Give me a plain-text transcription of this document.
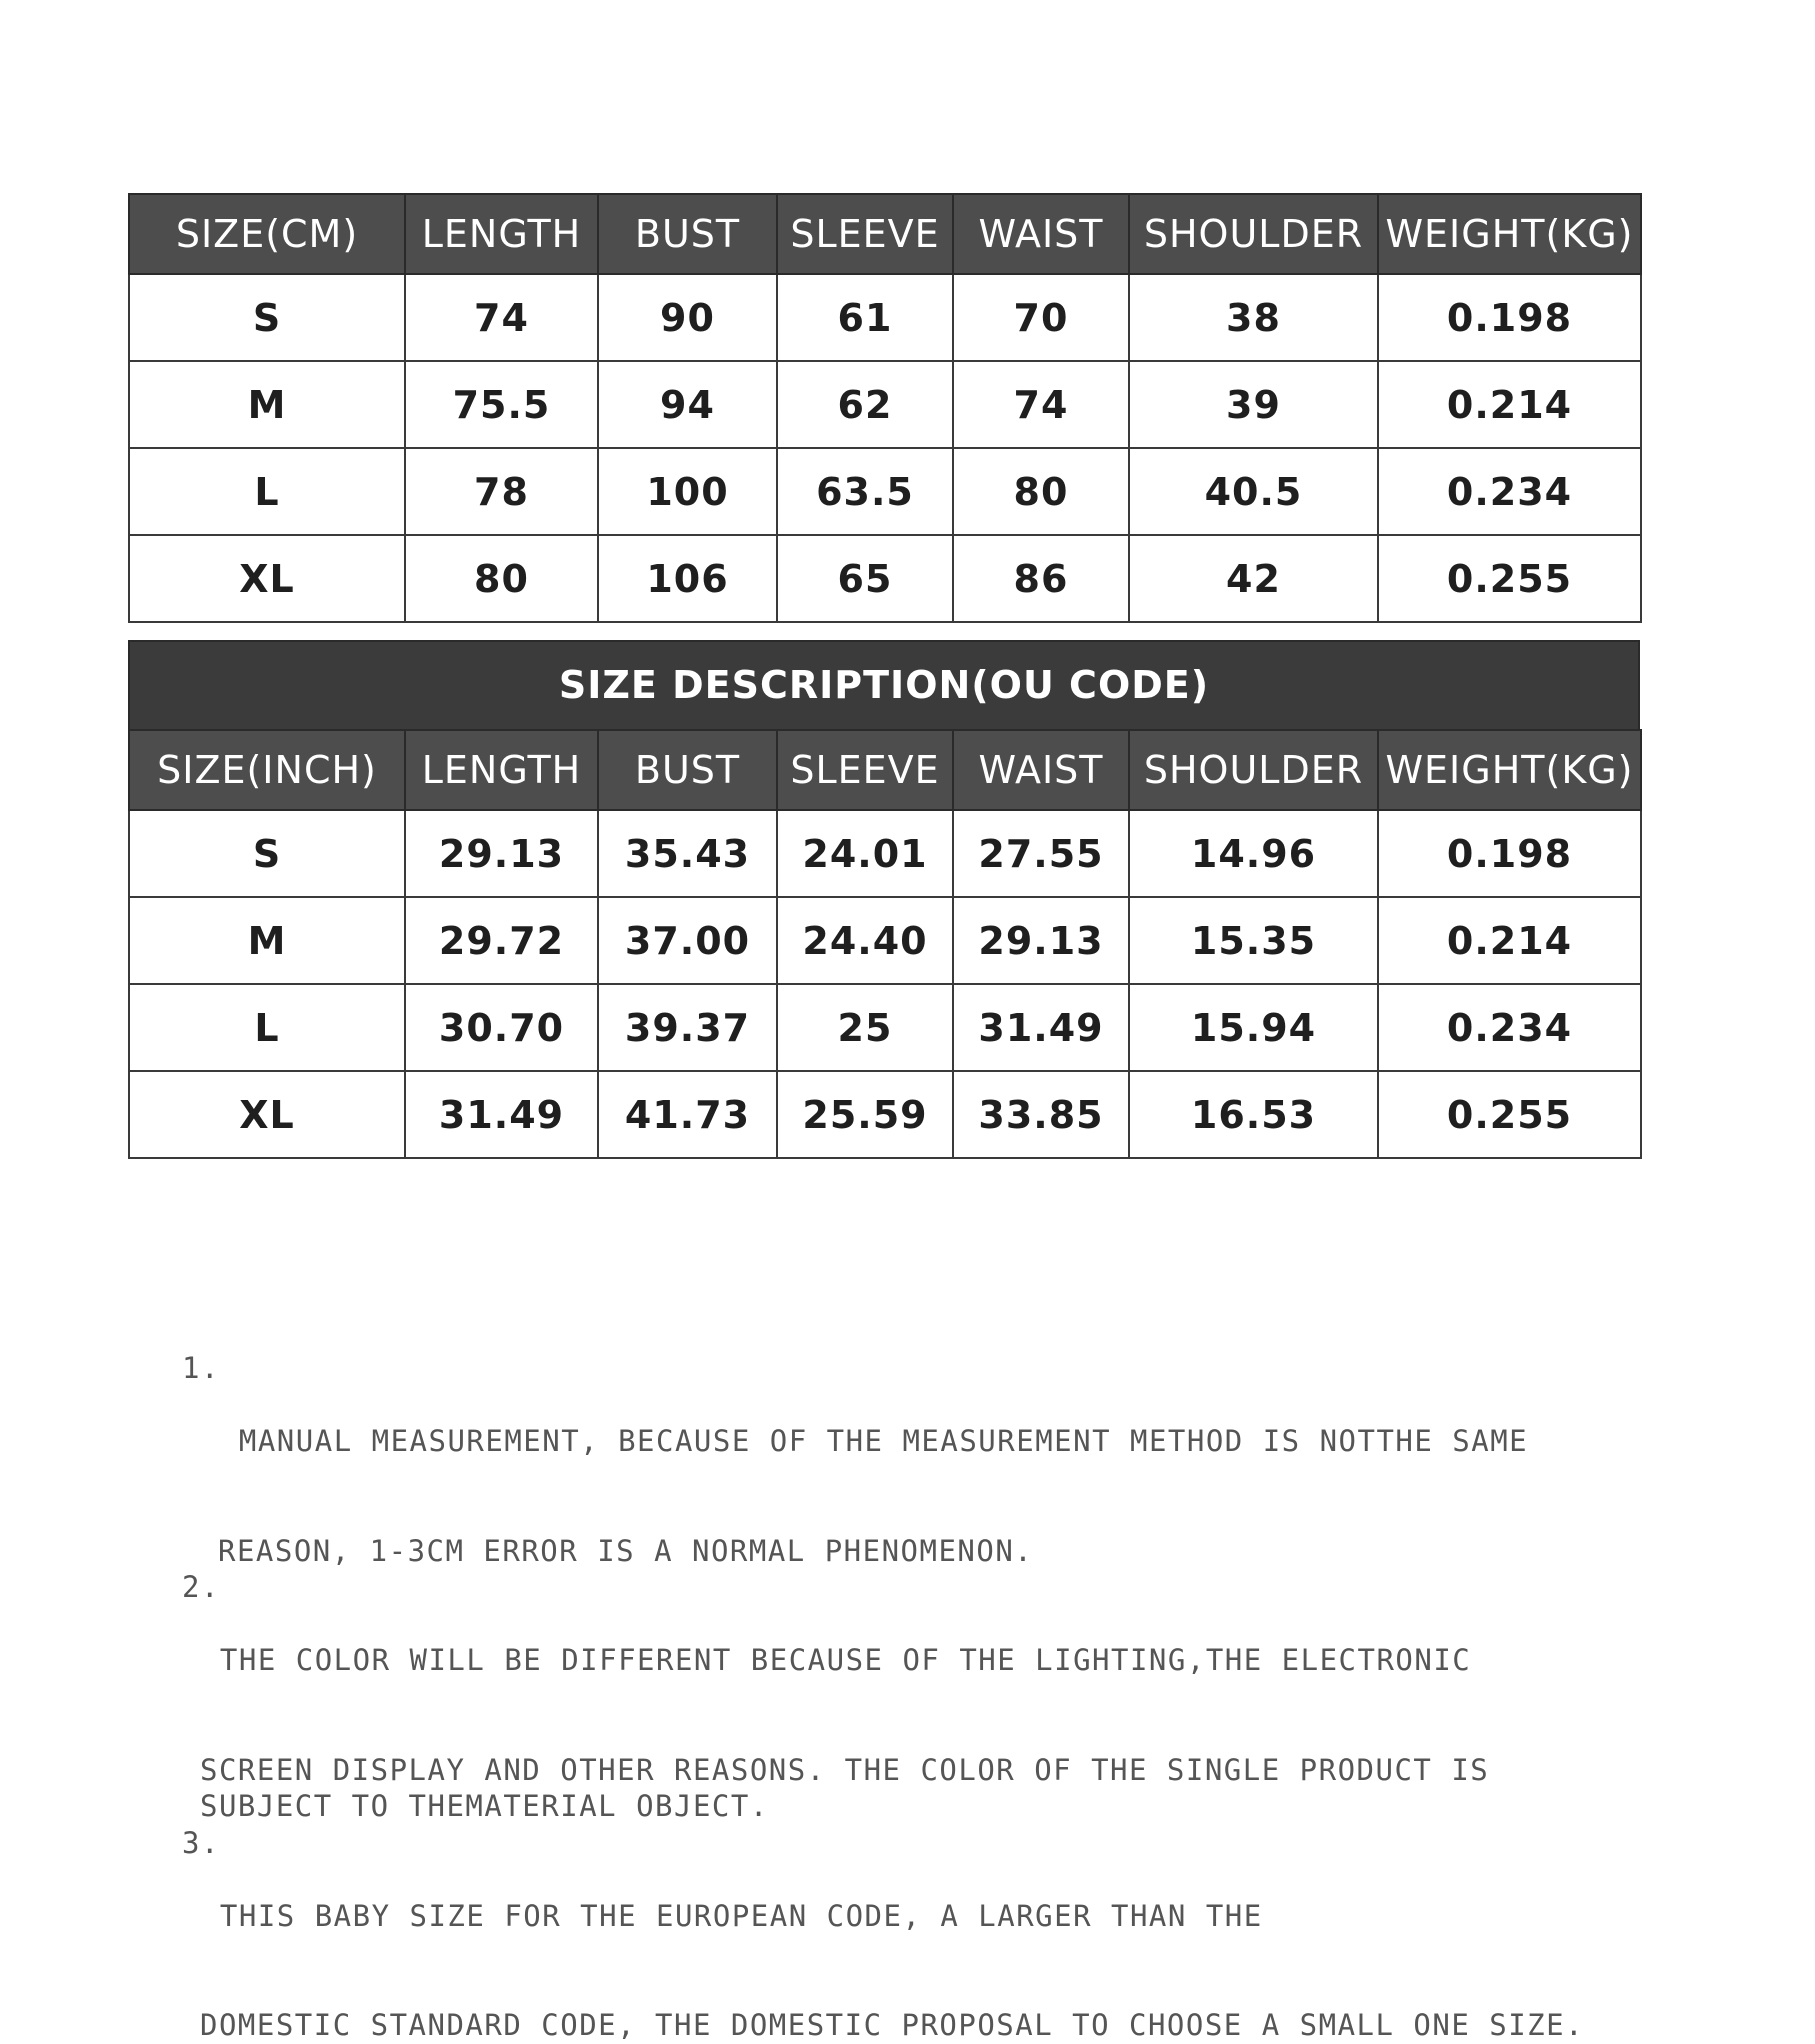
SIZE(CM)	LENGTH	BUST	SLEEVE	WAIST	SHOULDER	WEIGHT(KG)
S	74	90	61	70	38	0.198
M	75.5	94	62	74	39	0.214
L	78	100	63.5	80	40.5	0.234
XL	80	106	65	86	42	0.255
SIZE DESCRIPTION(OU CODE)
SIZE(INCH)	LENGTH	BUST	SLEEVE	WAIST	SHOULDER	WEIGHT(KG)
S	29.13	35.43	24.01	27.55	14.96	0.198
M	29.72	37.00	24.40	29.13	15.35	0.214
L	30.70	39.37	25	31.49	15.94	0.234
XL	31.49	41.73	25.59	33.85	16.53	0.255
1.

MANUAL MEASUREMENT, BECAUSE OF THE MEASUREMENT METHOD IS NOTTHE SAME

REASON, 1-3CM ERROR IS A NORMAL PHENOMENON.
2.

THE COLOR WILL BE DIFFERENT BECAUSE OF THE LIGHTING,THE ELECTRONIC

SCREEN DISPLAY AND OTHER REASONS. THE COLOR OF THE SINGLE PRODUCT IS
SUBJECT TO THEMATERIAL OBJECT.
3.

THIS BABY SIZE FOR THE EUROPEAN CODE, A LARGER THAN THE

DOMESTIC STANDARD CODE, THE DOMESTIC PROPOSAL TO CHOOSE A SMALL ONE SIZE.
